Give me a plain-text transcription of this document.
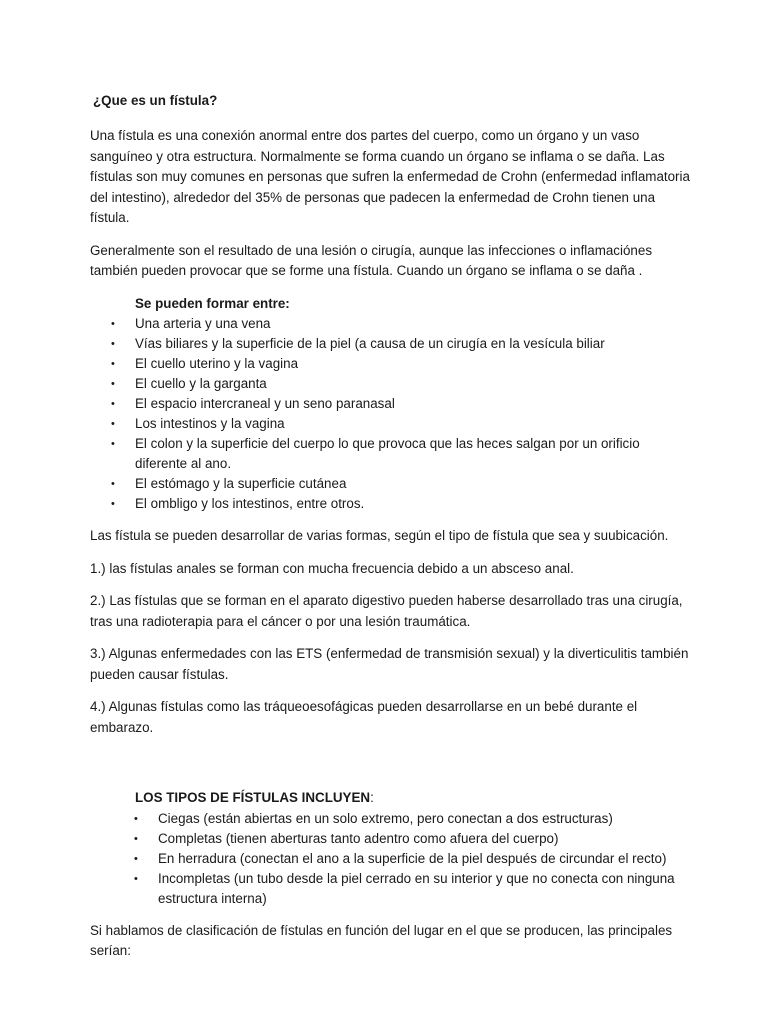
¿Que es un fístula?

Una fístula es una conexión anormal entre dos partes del cuerpo, como un órgano y un vaso sanguíneo y otra estructura. Normalmente se forma cuando un órgano se inflama o se daña. Las fístulas son muy comunes en personas que sufren la enfermedad de Crohn (enfermedad inflamatoria del intestino), alrededor del 35% de personas que padecen la enfermedad de Crohn tienen una fístula.

Generalmente son el resultado de una lesión o cirugía, aunque las infecciones o inflamaciónes también pueden provocar que se forme una fístula. Cuando un órgano se inflama o se daña .

Se pueden formar entre:
• Una arteria y una vena
• Vías biliares y la superficie de la piel (a causa de un cirugía en la vesícula biliar
• El cuello uterino y la vagina
• El cuello y la garganta
• El espacio intercraneal y un seno paranasal
• Los intestinos y la vagina
• El colon y la superficie del cuerpo lo que provoca que las heces salgan por un orificio diferente al ano.
• El estómago y la superficie cutánea
• El ombligo y los intestinos, entre otros.

Las fístula se pueden desarrollar de varias formas, según el tipo de fístula que sea y suubicación.

1.) las fístulas anales se forman con mucha frecuencia debido a un absceso anal.

2.) Las fístulas que se forman en el aparato digestivo pueden haberse desarrollado tras una cirugía, tras una radioterapia para el cáncer o por una lesión traumática.

3.) Algunas enfermedades con las ETS (enfermedad de transmisión sexual) y la diverticulitis también pueden causar fístulas.

4.) Algunas fístulas como las tráqueoesofágicas pueden desarrollarse en un bebé durante el embarazo.

LOS TIPOS DE FÍSTULAS INCLUYEN:
• Ciegas (están abiertas en un solo extremo, pero conectan a dos estructuras)
• Completas (tienen aberturas tanto adentro como afuera del cuerpo)
• En herradura (conectan el ano a la superficie de la piel después de circundar el recto)
• Incompletas (un tubo desde la piel cerrado en su interior y que no conecta con ninguna estructura interna)

Si hablamos de clasificación de fístulas en función del lugar en el que se producen, las principales serían:
